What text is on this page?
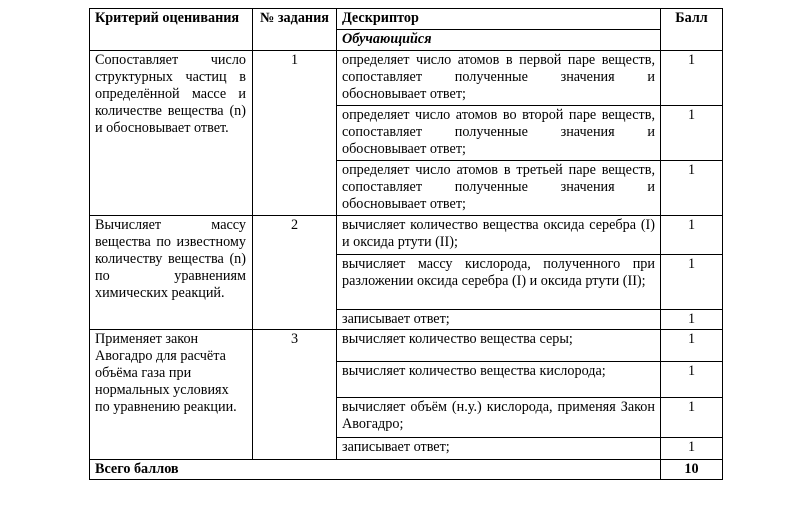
Критерий оценивания	№ задания	Дескриптор	Балл
		Обучающийся	
Сопоставляет число структурных частиц в определённой массе и количестве вещества (n) и обосновывает ответ.	1	определяет число атомов в первой паре веществ, сопоставляет полученные значения и обосновывает ответ;	1
		определяет число атомов во второй паре веществ, сопоставляет полученные значения и обосновывает ответ;	1
		определяет число атомов в третьей паре веществ, сопоставляет полученные значения и обосновывает ответ;	1
Вычисляет массу вещества по известному количеству вещества (n) по уравнениям химических реакций.	2	вычисляет количество вещества оксида серебра (I) и оксида ртути (II);	1
		вычисляет массу кислорода, полученного при разложении оксида серебра (I) и оксида ртути (II);	1
		записывает ответ;	1
Применяет закон Авогадро для расчёта объёма газа при нормальных условиях по уравнению реакции.	3	вычисляет количество вещества серы;	1
		вычисляет количество вещества кислорода;	1
		вычисляет объём (н.у.) кислорода, применяя Закон Авогадро;	1
		записывает ответ;	1
Всего баллов			10
